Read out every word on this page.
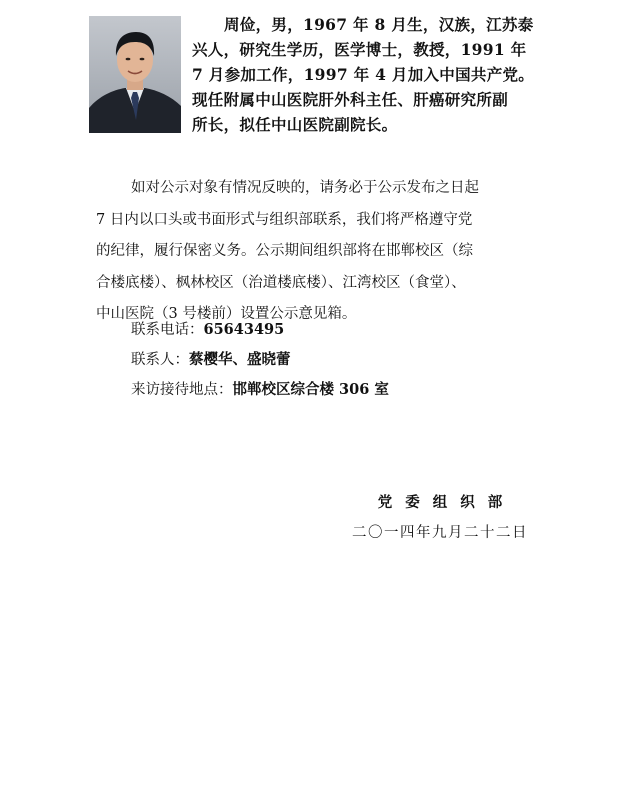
周俭，男，1967 年 8 月生，汉族，江苏泰
兴人，研究生学历，医学博士，教授，1991 年
7 月参加工作，1997 年 4 月加入中国共产党。
现任附属中山医院肝外科主任、肝癌研究所副
所长，拟任中山医院副院长。
如对公示对象有情况反映的，请务必于公示发布之日起
7 日内以口头或书面形式与组织部联系，我们将严格遵守党
的纪律，履行保密义务。公示期间组织部将在邯郸校区（综
合楼底楼）、枫林校区（治道楼底楼）、江湾校区（食堂）、
中山医院（3 号楼前）设置公示意见箱。
联系电话：65643495
联系人：蔡樱华、盛晓蕾
来访接待地点：邯郸校区综合楼 306 室
党委组织部
二〇一四年九月二十二日
